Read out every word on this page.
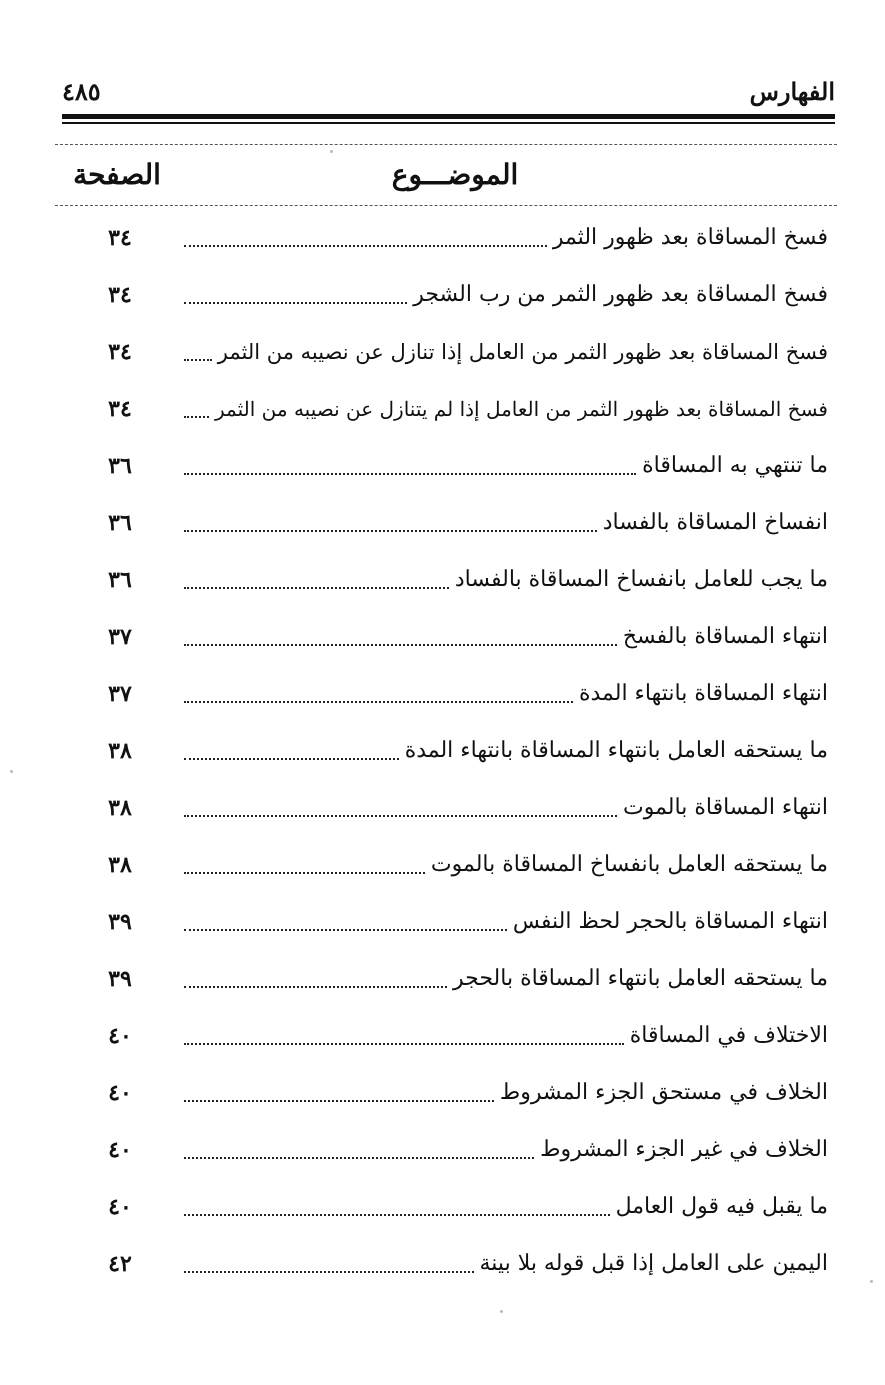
الفهارس
٤٨٥
الموضـــوع
الصفحة
فسخ المساقاة بعد ظهور الثمر
٣٤
فسخ المساقاة بعد ظهور الثمر من رب الشجر
٣٤
فسخ المساقاة بعد ظهور الثمر من العامل إذا تنازل عن نصيبه من الثمر
٣٤
فسخ المساقاة بعد ظهور الثمر من العامل إذا لم يتنازل عن نصيبه من الثمر
٣٤
ما تنتهي به المساقاة
٣٦
انفساخ المساقاة بالفساد
٣٦
ما يجب للعامل بانفساخ المساقاة بالفساد
٣٦
انتهاء المساقاة بالفسخ
٣٧
انتهاء المساقاة بانتهاء المدة
٣٧
ما يستحقه العامل بانتهاء المساقاة بانتهاء المدة
٣٨
انتهاء المساقاة بالموت
٣٨
ما يستحقه العامل بانفساخ المساقاة بالموت
٣٨
انتهاء المساقاة بالحجر لحظ النفس
٣٩
ما يستحقه العامل بانتهاء المساقاة بالحجر
٣٩
الاختلاف في المساقاة
٤٠
الخلاف في مستحق الجزء المشروط
٤٠
الخلاف في غير الجزء المشروط
٤٠
ما يقبل فيه قول العامل
٤٠
اليمين على العامل إذا قبل قوله بلا بينة
٤٢
